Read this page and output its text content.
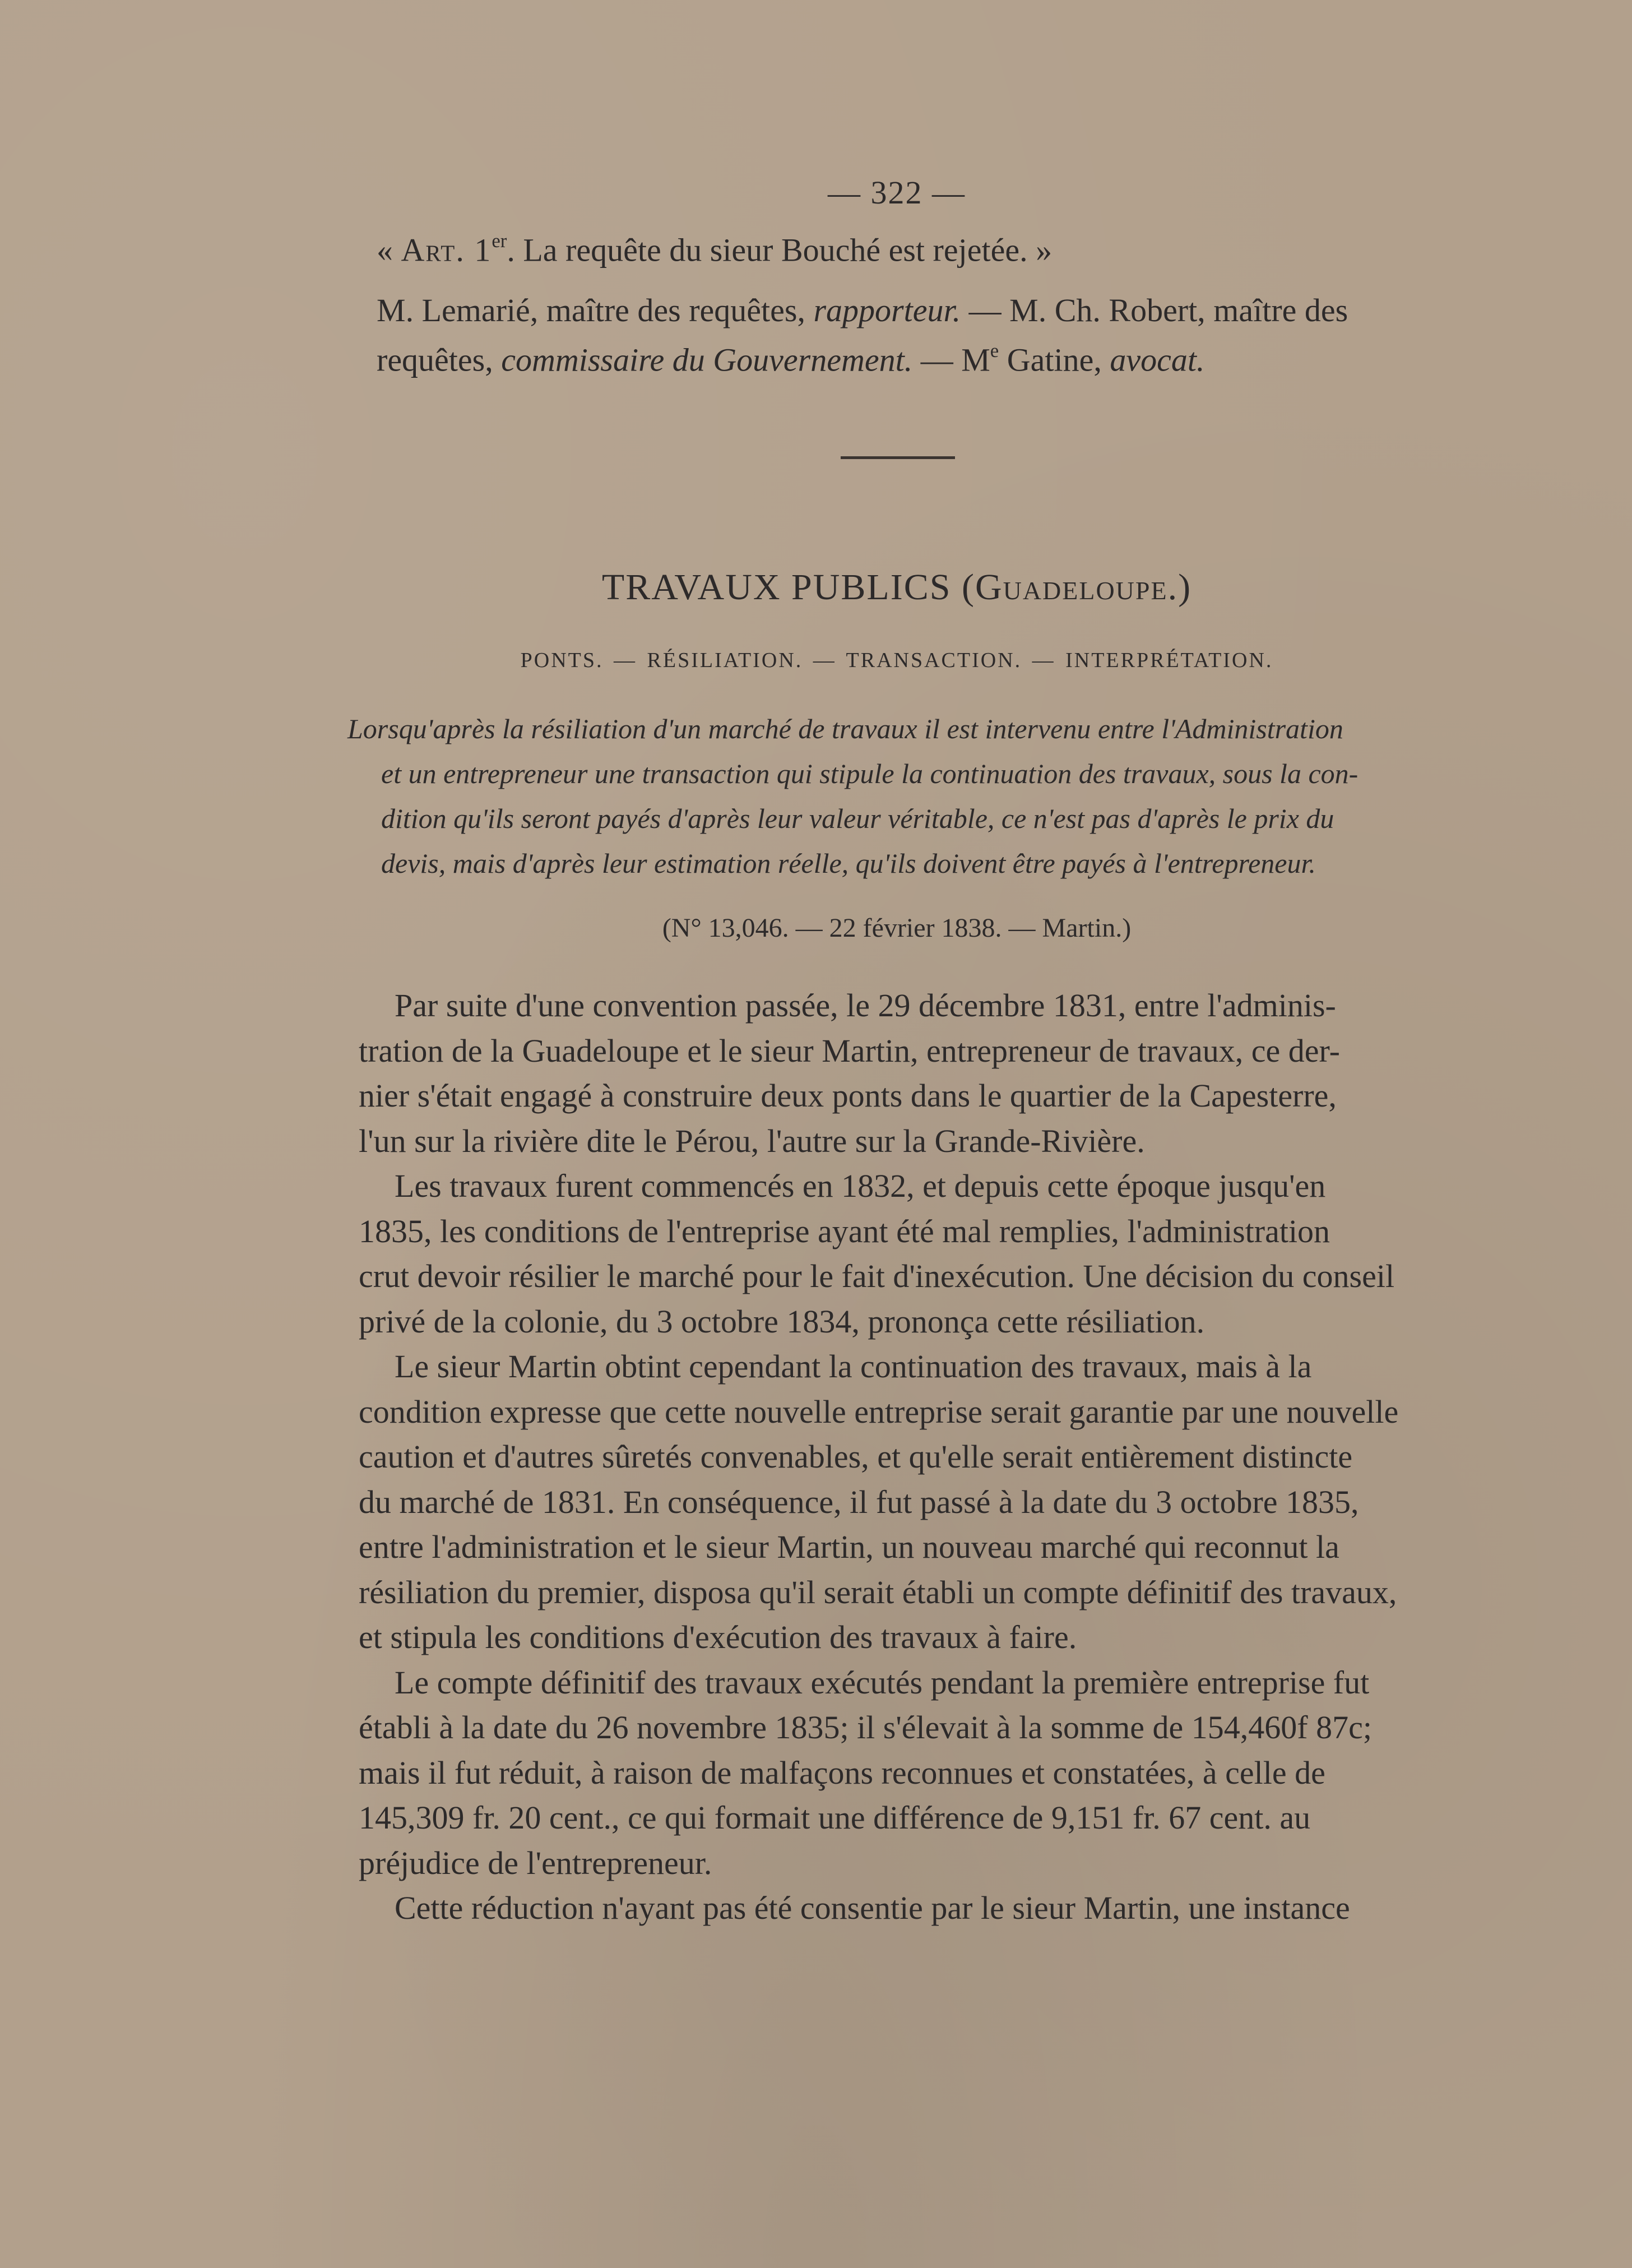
— 322 —
« Art. 1er. La requête du sieur Bouché est rejetée. »
M. Lemarié, maître des requêtes, rapporteur. — M. Ch. Robert, maître des
requêtes, commissaire du Gouvernement. — Me Gatine, avocat.
TRAVAUX PUBLICS (Guadeloupe.)
PONTS. — RÉSILIATION. — TRANSACTION. — INTERPRÉTATION.
Lorsqu'après la résiliation d'un marché de travaux il est intervenu entre l'Administration
et un entrepreneur une transaction qui stipule la continuation des travaux, sous la con-
dition qu'ils seront payés d'après leur valeur véritable, ce n'est pas d'après le prix du
devis, mais d'après leur estimation réelle, qu'ils doivent être payés à l'entrepreneur.
(N° 13,046. — 22 février 1838. — Martin.)
Par suite d'une convention passée, le 29 décembre 1831, entre l'adminis-
tration de la Guadeloupe et le sieur Martin, entrepreneur de travaux, ce der-
nier s'était engagé à construire deux ponts dans le quartier de la Capesterre,
l'un sur la rivière dite le Pérou, l'autre sur la Grande-Rivière.
Les travaux furent commencés en 1832, et depuis cette époque jusqu'en
1835, les conditions de l'entreprise ayant été mal remplies, l'administration
crut devoir résilier le marché pour le fait d'inexécution. Une décision du conseil
privé de la colonie, du 3 octobre 1834, prononça cette résiliation.
Le sieur Martin obtint cependant la continuation des travaux, mais à la
condition expresse que cette nouvelle entreprise serait garantie par une nouvelle
caution et d'autres sûretés convenables, et qu'elle serait entièrement distincte
du marché de 1831. En conséquence, il fut passé à la date du 3 octobre 1835,
entre l'administration et le sieur Martin, un nouveau marché qui reconnut la
résiliation du premier, disposa qu'il serait établi un compte définitif des travaux,
et stipula les conditions d'exécution des travaux à faire.
Le compte définitif des travaux exécutés pendant la première entreprise fut
établi à la date du 26 novembre 1835; il s'élevait à la somme de 154,460f 87c;
mais il fut réduit, à raison de malfaçons reconnues et constatées, à celle de
145,309 fr. 20 cent., ce qui formait une différence de 9,151 fr. 67 cent. au
préjudice de l'entrepreneur.
Cette réduction n'ayant pas été consentie par le sieur Martin, une instance
